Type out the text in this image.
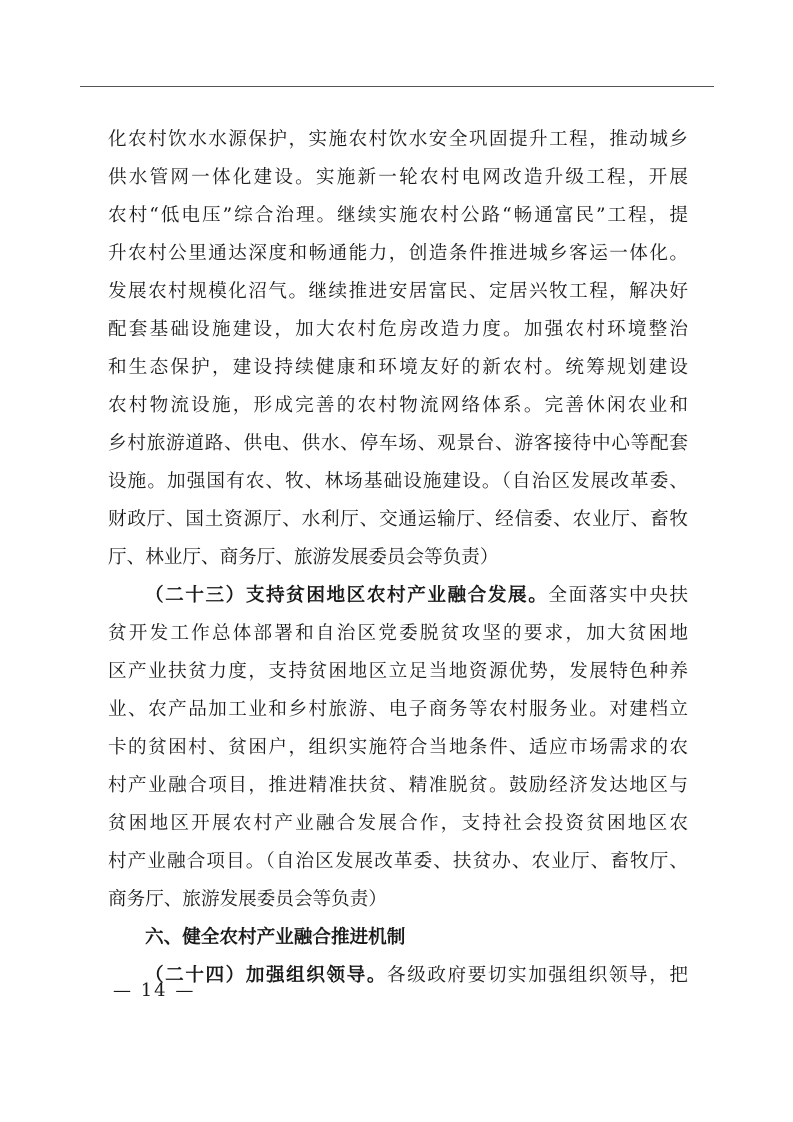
化农村饮水水源保护，实施农村饮水安全巩固提升工程，推动城乡
供水管网一体化建设。实施新一轮农村电网改造升级工程，开展
农村“低电压”综合治理。继续实施农村公路“畅通富民”工程，提
升农村公里通达深度和畅通能力，创造条件推进城乡客运一体化。
发展农村规模化沼气。继续推进安居富民、定居兴牧工程，解决好
配套基础设施建设，加大农村危房改造力度。加强农村环境整治
和生态保护，建设持续健康和环境友好的新农村。统筹规划建设
农村物流设施，形成完善的农村物流网络体系。完善休闲农业和
乡村旅游道路、供电、供水、停车场、观景台、游客接待中心等配套
设施。加强国有农、牧、林场基础设施建设。（自治区发展改革委、
财政厅、国土资源厅、水利厅、交通运输厅、经信委、农业厅、畜牧
厅、林业厅、商务厅、旅游发展委员会等负责）
（二十三）支持贫困地区农村产业融合发展。全面落实中央扶
贫开发工作总体部署和自治区党委脱贫攻坚的要求，加大贫困地
区产业扶贫力度，支持贫困地区立足当地资源优势，发展特色种养
业、农产品加工业和乡村旅游、电子商务等农村服务业。对建档立
卡的贫困村、贫困户，组织实施符合当地条件、适应市场需求的农
村产业融合项目，推进精准扶贫、精准脱贫。鼓励经济发达地区与
贫困地区开展农村产业融合发展合作，支持社会投资贫困地区农
村产业融合项目。（自治区发展改革委、扶贫办、农业厅、畜牧厅、
商务厅、旅游发展委员会等负责）
六、健全农村产业融合推进机制
（二十四）加强组织领导。各级政府要切实加强组织领导，把
— 14 —
